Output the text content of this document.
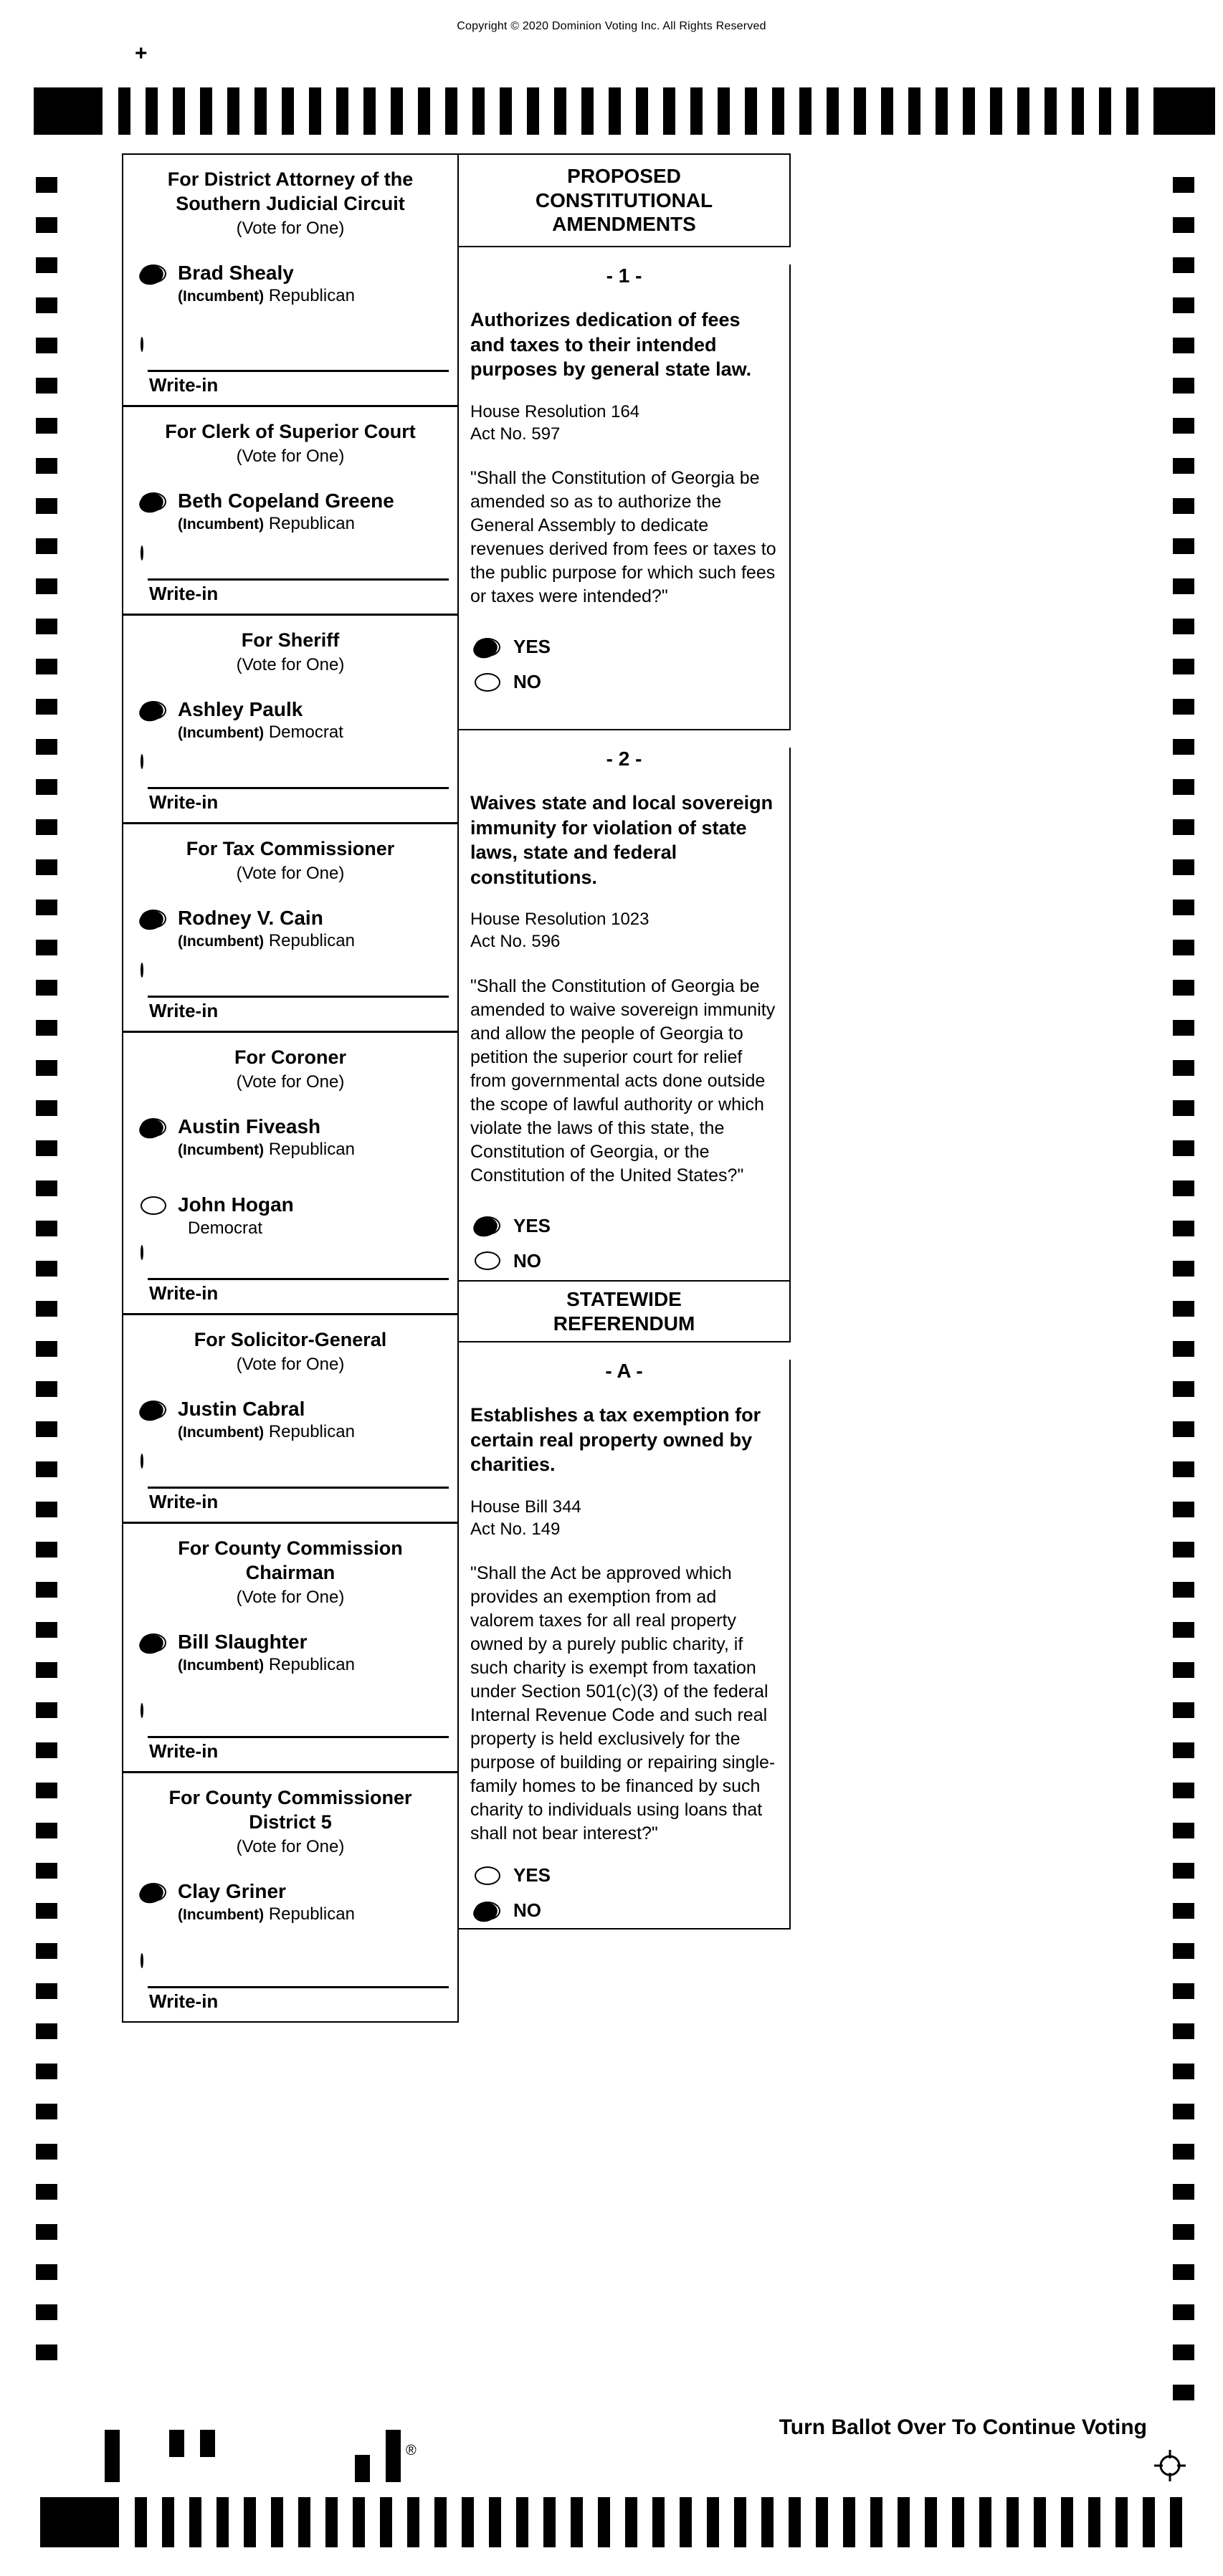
Copyright © 2020 Dominion Voting Inc. All Rights Reserved
+
For District Attorney of the
Southern Judicial Circuit
(Vote for One)
Brad Shealy
(Incumbent) Republican
Write-in
For Clerk of Superior Court
(Vote for One)
Beth Copeland Greene
(Incumbent) Republican
Write-in
For Sheriff
(Vote for One)
Ashley Paulk
(Incumbent) Democrat
Write-in
For Tax Commissioner
(Vote for One)
Rodney V. Cain
(Incumbent) Republican
Write-in
For Coroner
(Vote for One)
Austin Fiveash
(Incumbent) Republican
John Hogan
Democrat
Write-in
For Solicitor-General
(Vote for One)
Justin Cabral
(Incumbent) Republican
Write-in
For County Commission
Chairman
(Vote for One)
Bill Slaughter
(Incumbent) Republican
Write-in
For County Commissioner
District 5
(Vote for One)
Clay Griner
(Incumbent) Republican
Write-in
PROPOSED
CONSTITUTIONAL
AMENDMENTS
- 1 -
Authorizes dedication of fees and taxes to their intended purposes by general state law.
House Resolution 164
Act No. 597
"Shall the Constitution of Georgia be amended so as to authorize the General Assembly to dedicate revenues derived from fees or taxes to the public purpose for which such fees or taxes were intended?"
YES
NO
- 2 -
Waives state and local sovereign immunity for violation of state laws, state and federal constitutions.
House Resolution 1023
Act No. 596
"Shall the Constitution of Georgia be amended to waive sovereign immunity and allow the people of Georgia to petition the superior court for relief from governmental acts done outside the scope of lawful authority or which violate the laws of this state, the Constitution of Georgia, or the Constitution of the United States?"
YES
NO
STATEWIDE
REFERENDUM
- A -
Establishes a tax exemption for certain real property owned by charities.
House Bill 344
Act No. 149
"Shall the Act be approved which provides an exemption from ad valorem taxes for all real property owned by a purely public charity, if such charity is exempt from taxation under Section 501(c)(3) of the federal Internal Revenue Code and such real property is held exclusively for the purpose of building or repairing single-family homes to be financed by such charity to individuals using loans that shall not bear interest?"
YES
NO
®
Turn Ballot Over To Continue Voting
